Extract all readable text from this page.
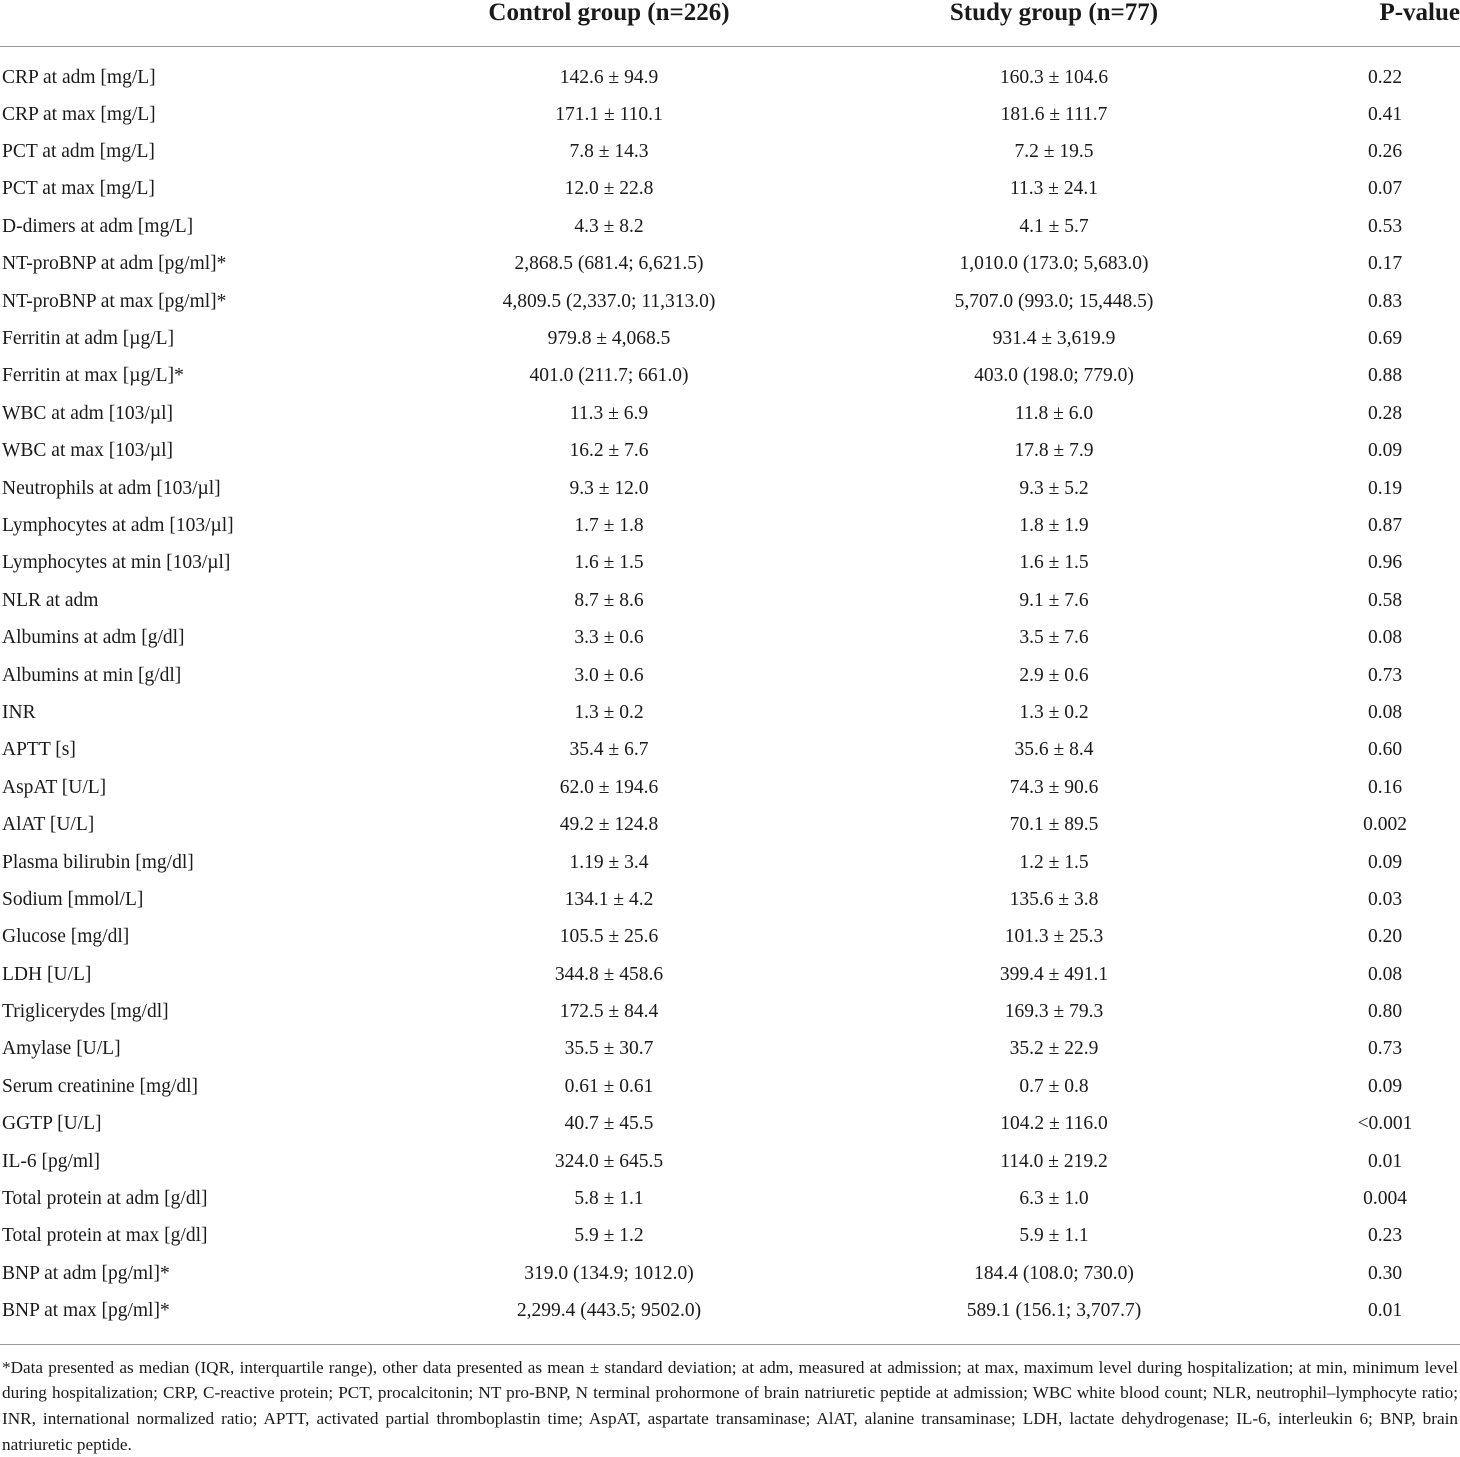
	Control group (n=226)	Study group (n=77)	P-value
CRP at adm [mg/L]	142.6 ± 94.9	160.3 ± 104.6	0.22
CRP at max [mg/L]	171.1 ± 110.1	181.6 ± 111.7	0.41
PCT at adm [mg/L]	7.8 ± 14.3	7.2 ± 19.5	0.26
PCT at max [mg/L]	12.0 ± 22.8	11.3 ± 24.1	0.07
D-dimers at adm [mg/L]	4.3 ± 8.2	4.1 ± 5.7	0.53
NT-proBNP at adm [pg/ml]*	2,868.5 (681.4; 6,621.5)	1,010.0 (173.0; 5,683.0)	0.17
NT-proBNP at max [pg/ml]*	4,809.5 (2,337.0; 11,313.0)	5,707.0 (993.0; 15,448.5)	0.83
Ferritin at adm [µg/L]	979.8 ± 4,068.5	931.4 ± 3,619.9	0.69
Ferritin at max [µg/L]*	401.0 (211.7; 661.0)	403.0 (198.0; 779.0)	0.88
WBC at adm [103/µl]	11.3 ± 6.9	11.8 ± 6.0	0.28
WBC at max [103/µl]	16.2 ± 7.6	17.8 ± 7.9	0.09
Neutrophils at adm [103/µl]	9.3 ± 12.0	9.3 ± 5.2	0.19
Lymphocytes at adm [103/µl]	1.7 ± 1.8	1.8 ± 1.9	0.87
Lymphocytes at min [103/µl]	1.6 ± 1.5	1.6 ± 1.5	0.96
NLR at adm	8.7 ± 8.6	9.1 ± 7.6	0.58
Albumins at adm [g/dl]	3.3 ± 0.6	3.5 ± 7.6	0.08
Albumins at min [g/dl]	3.0 ± 0.6	2.9 ± 0.6	0.73
INR	1.3 ± 0.2	1.3 ± 0.2	0.08
APTT [s]	35.4 ± 6.7	35.6 ± 8.4	0.60
AspAT [U/L]	62.0 ± 194.6	74.3 ± 90.6	0.16
AlAT [U/L]	49.2 ± 124.8	70.1 ± 89.5	0.002
Plasma bilirubin [mg/dl]	1.19 ± 3.4	1.2 ± 1.5	0.09
Sodium [mmol/L]	134.1 ± 4.2	135.6 ± 3.8	0.03
Glucose [mg/dl]	105.5 ± 25.6	101.3 ± 25.3	0.20
LDH [U/L]	344.8 ± 458.6	399.4 ± 491.1	0.08
Triglicerydes [mg/dl]	172.5 ± 84.4	169.3 ± 79.3	0.80
Amylase [U/L]	35.5 ± 30.7	35.2 ± 22.9	0.73
Serum creatinine [mg/dl]	0.61 ± 0.61	0.7 ± 0.8	0.09
GGTP [U/L]	40.7 ± 45.5	104.2 ± 116.0	<0.001
IL-6 [pg/ml]	324.0 ± 645.5	114.0 ± 219.2	0.01
Total protein at adm [g/dl]	5.8 ± 1.1	6.3 ± 1.0	0.004
Total protein at max [g/dl]	5.9 ± 1.2	5.9 ± 1.1	0.23
BNP at adm [pg/ml]*	319.0 (134.9; 1012.0)	184.4 (108.0; 730.0)	0.30
BNP at max [pg/ml]*	2,299.4 (443.5; 9502.0)	589.1 (156.1; 3,707.7)	0.01
*Data presented as median (IQR, interquartile range), other data presented as mean ± standard deviation; at adm, measured at admission; at max, maximum level during hospitalization; at min, minimum level during hospitalization; CRP, C-reactive protein; PCT, procalcitonin; NT pro-BNP, N terminal prohormone of brain natriuretic peptide at admission; WBC white blood count; NLR, neutrophil–lymphocyte ratio; INR, international normalized ratio; APTT, activated partial thromboplastin time; AspAT, aspartate transaminase; AlAT, alanine transaminase; LDH, lactate dehydrogenase; IL-6, interleukin 6; BNP, brain natriuretic peptide.
